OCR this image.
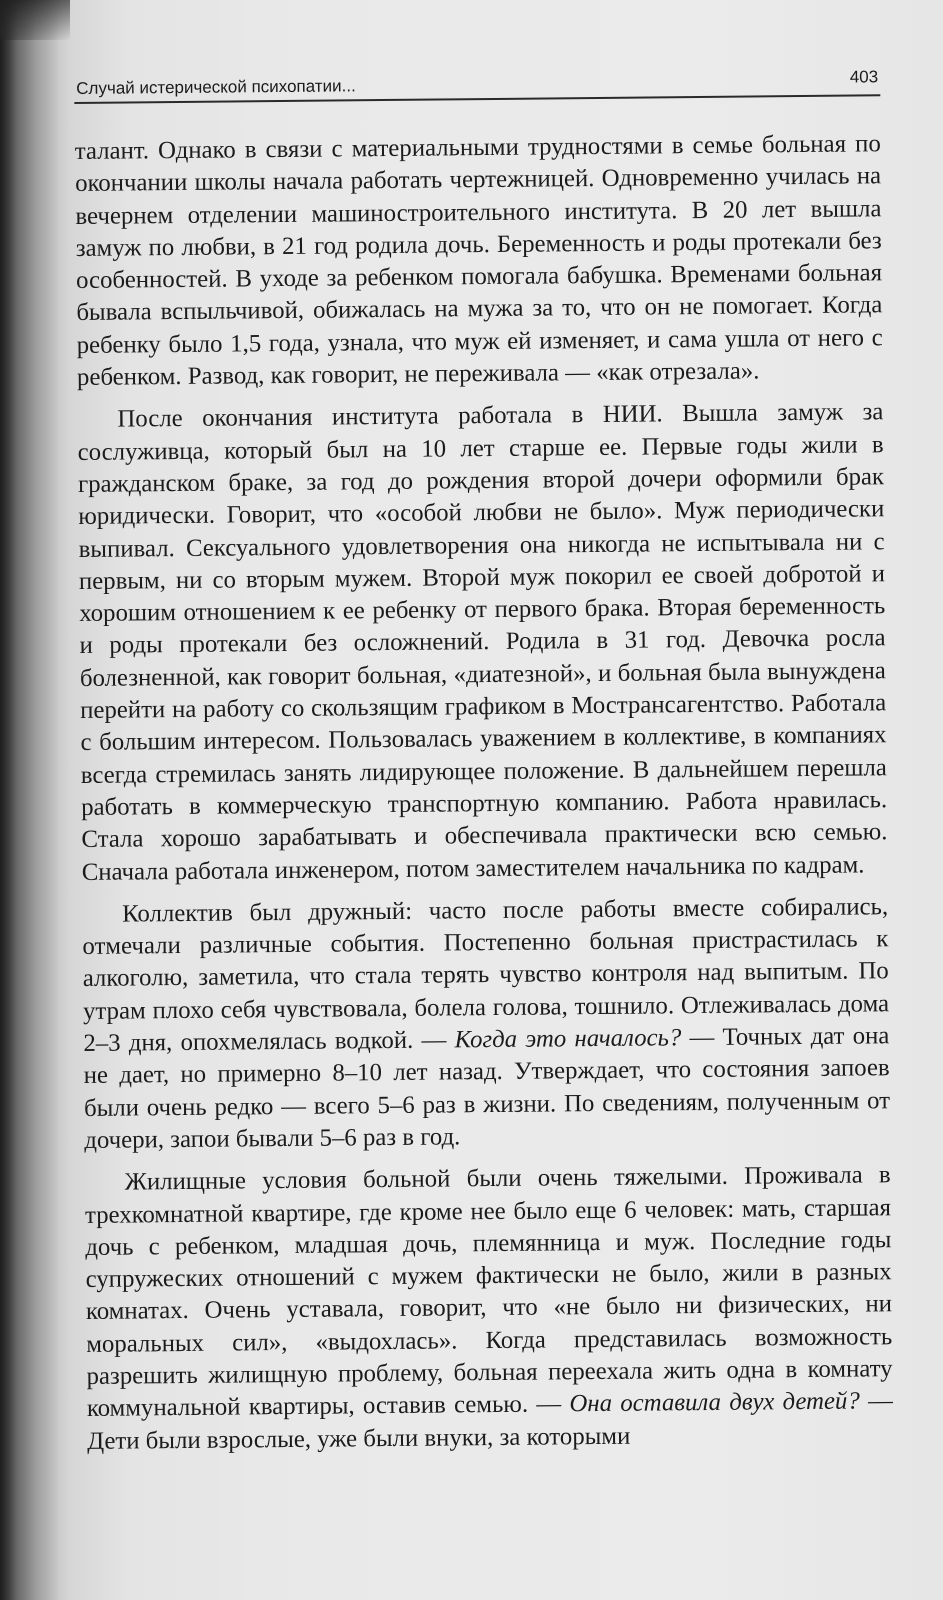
Случай истерической психопатии...	403

талант. Однако в связи с материальными трудностями в семье больная по окончании школы начала работать чертежницей. Одновременно училась на вечернем отделении машиностроительного института. В 20 лет вышла замуж по любви, в 21 год родила дочь. Беременность и роды протекали без особенностей. В уходе за ребенком помогала бабушка. Временами больная бывала вспыльчивой, обижалась на мужа за то, что он не помогает. Когда ребенку было 1,5 года, узнала, что муж ей изменяет, и сама ушла от него с ребенком. Развод, как говорит, не переживала — «как отрезала».

После окончания института работала в НИИ. Вышла замуж за сослуживца, который был на 10 лет старше ее. Первые годы жили в гражданском браке, за год до рождения второй дочери оформили брак юридически. Говорит, что «особой любви не было». Муж периодически выпивал. Сексуального удовлетворения она никогда не испытывала ни с первым, ни со вторым мужем. Второй муж покорил ее своей добротой и хорошим отношением к ее ребенку от первого брака. Вторая беременность и роды протекали без осложнений. Родила в 31 год. Девочка росла болезненной, как говорит больная, «диатезной», и больная была вынуждена перейти на работу со скользящим графиком в Мострансагентство. Работала с большим интересом. Пользовалась уважением в коллективе, в компаниях всегда стремилась занять лидирующее положение. В дальнейшем перешла работать в коммерческую транспортную компанию. Работа нравилась. Стала хорошо зарабатывать и обеспечивала практически всю семью. Сначала работала инженером, потом заместителем начальника по кадрам.

Коллектив был дружный: часто после работы вместе собирались, отмечали различные события. Постепенно больная пристрастилась к алкоголю, заметила, что стала терять чувство контроля над выпитым. По утрам плохо себя чувствовала, болела голова, тошнило. Отлеживалась дома 2–3 дня, опохмелялась водкой. — Когда это началось? — Точных дат она не дает, но примерно 8–10 лет назад. Утверждает, что состояния запоев были очень редко — всего 5–6 раз в жизни. По сведениям, полученным от дочери, запои бывали 5–6 раз в год.

Жилищные условия больной были очень тяжелыми. Проживала в трехкомнатной квартире, где кроме нее было еще 6 человек: мать, старшая дочь с ребенком, младшая дочь, племянница и муж. Последние годы супружеских отношений с мужем фактически не было, жили в разных комнатах. Очень уставала, говорит, что «не было ни физических, ни моральных сил», «выдохлась». Когда представилась возможность разрешить жилищную проблему, больная переехала жить одна в комнату коммунальной квартиры, оставив семью. — Она оставила двух детей? — Дети были взрослые, уже были внуки, за которыми
